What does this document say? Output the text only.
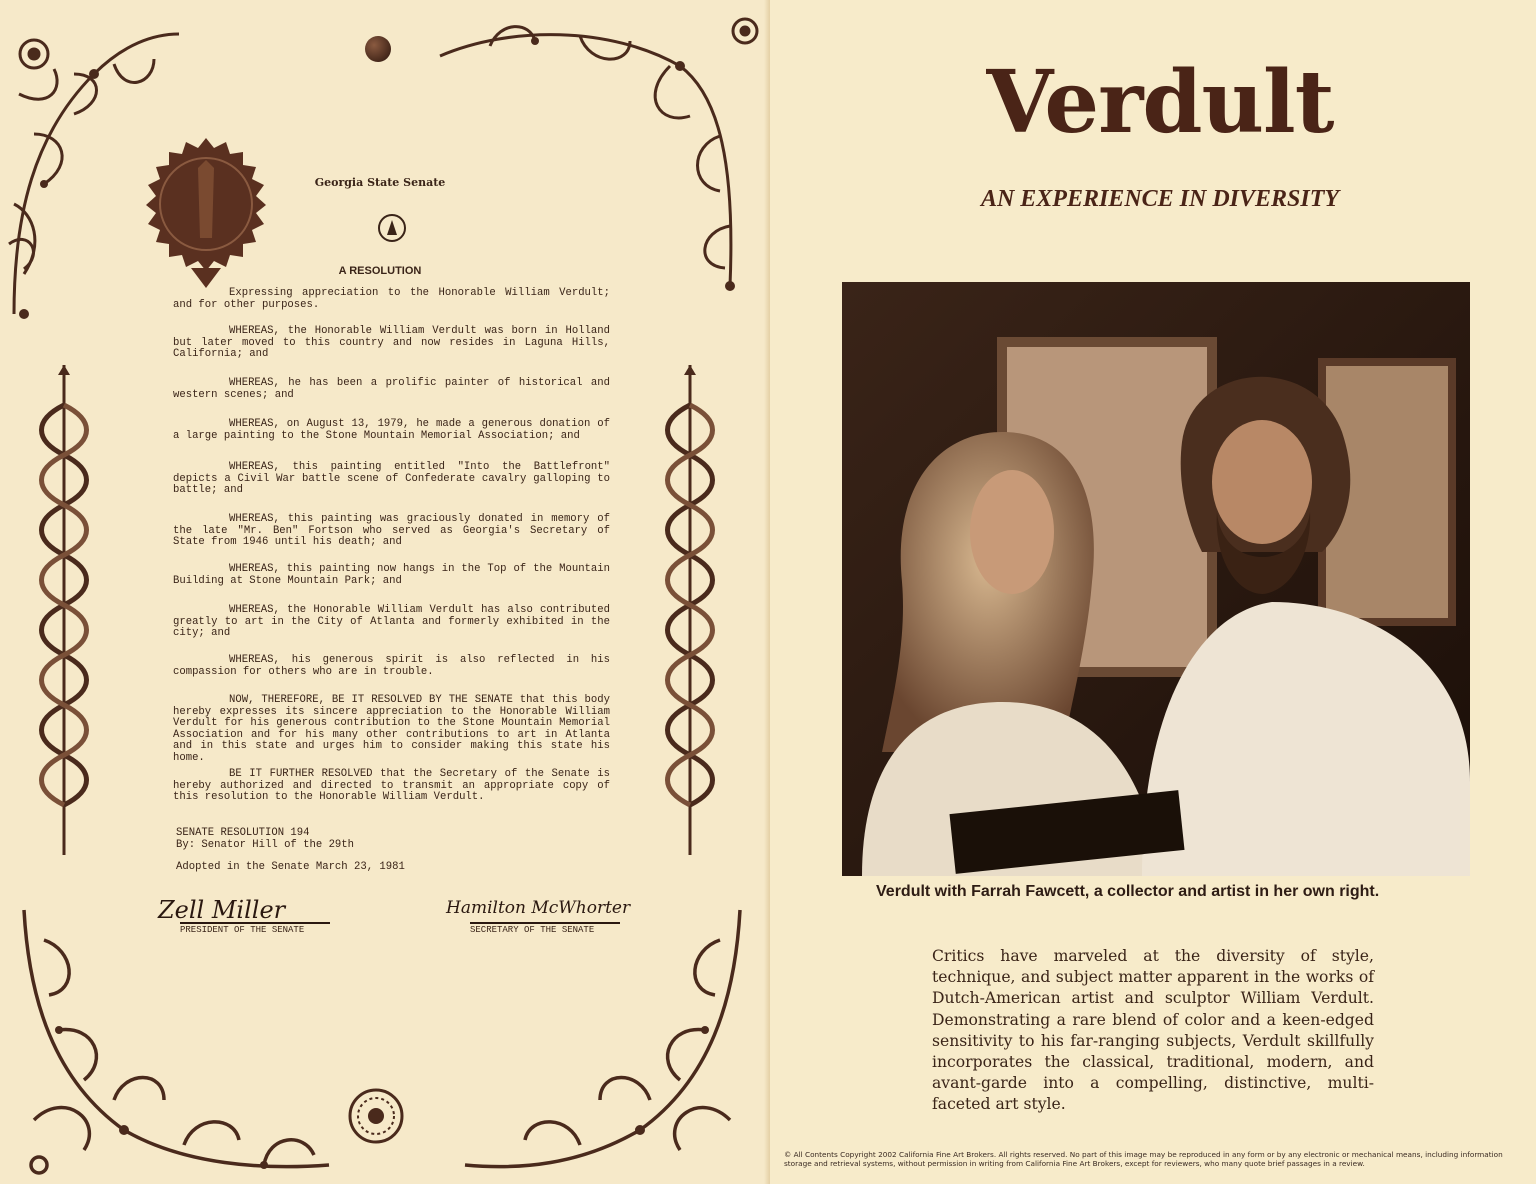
Georgia State Senate
A RESOLUTION

Expressing appreciation to the Honorable William Verdult; and for other purposes.

WHEREAS, the Honorable William Verdult was born in Holland but later moved to this country and now resides in Laguna Hills, California; and

WHEREAS, he has been a prolific painter of historical and western scenes; and

WHEREAS, on August 13, 1979, he made a generous donation of a large painting to the Stone Mountain Memorial Association; and

WHEREAS, this painting entitled "Into the Battlefront" depicts a Civil War battle scene of Confederate cavalry galloping to battle; and

WHEREAS, this painting was graciously donated in memory of the late "Mr. Ben" Fortson who served as Georgia's Secretary of State from 1946 until his death; and

WHEREAS, this painting now hangs in the Top of the Mountain Building at Stone Mountain Park; and

WHEREAS, the Honorable William Verdult has also contributed greatly to art in the City of Atlanta and formerly exhibited in the city; and

WHEREAS, his generous spirit is also reflected in his compassion for others who are in trouble.

NOW, THEREFORE, BE IT RESOLVED BY THE SENATE that this body hereby expresses its sincere appreciation to the Honorable William Verdult for his generous contribution to the Stone Mountain Memorial Association and for his many other contributions to art in Atlanta and in this state and urges him to consider making this state his home.

BE IT FURTHER RESOLVED that the Secretary of the Senate is hereby authorized and directed to transmit an appropriate copy of this resolution to the Honorable William Verdult.

SENATE RESOLUTION 194
By: Senator Hill of the 29th
Adopted in the Senate March 23, 1981
Zell Miller
PRESIDENT OF THE SENATE
Hamilton McWhorter
SECRETARY OF THE SENATE
Verdult
AN EXPERIENCE IN DIVERSITY

Verdult with Farrah Fawcett, a collector and artist in her own right.

Critics have marveled at the diversity of style, technique, and subject matter apparent in the works of Dutch-American artist and sculptor William Verdult. Demonstrating a rare blend of color and a keen-edged sensitivity to his far-ranging subjects, Verdult skillfully incorporates the classical, traditional, modern, and avant-garde into a compelling, distinctive, multi-faceted art style.

© All Contents Copyright 2002 California Fine Art Brokers. All rights reserved. No part of this image may be reproduced in any form or by any electronic or mechanical means, including information storage and retrieval systems, without permission in writing from California Fine Art Brokers, except for reviewers, who many quote brief passages in a review.
